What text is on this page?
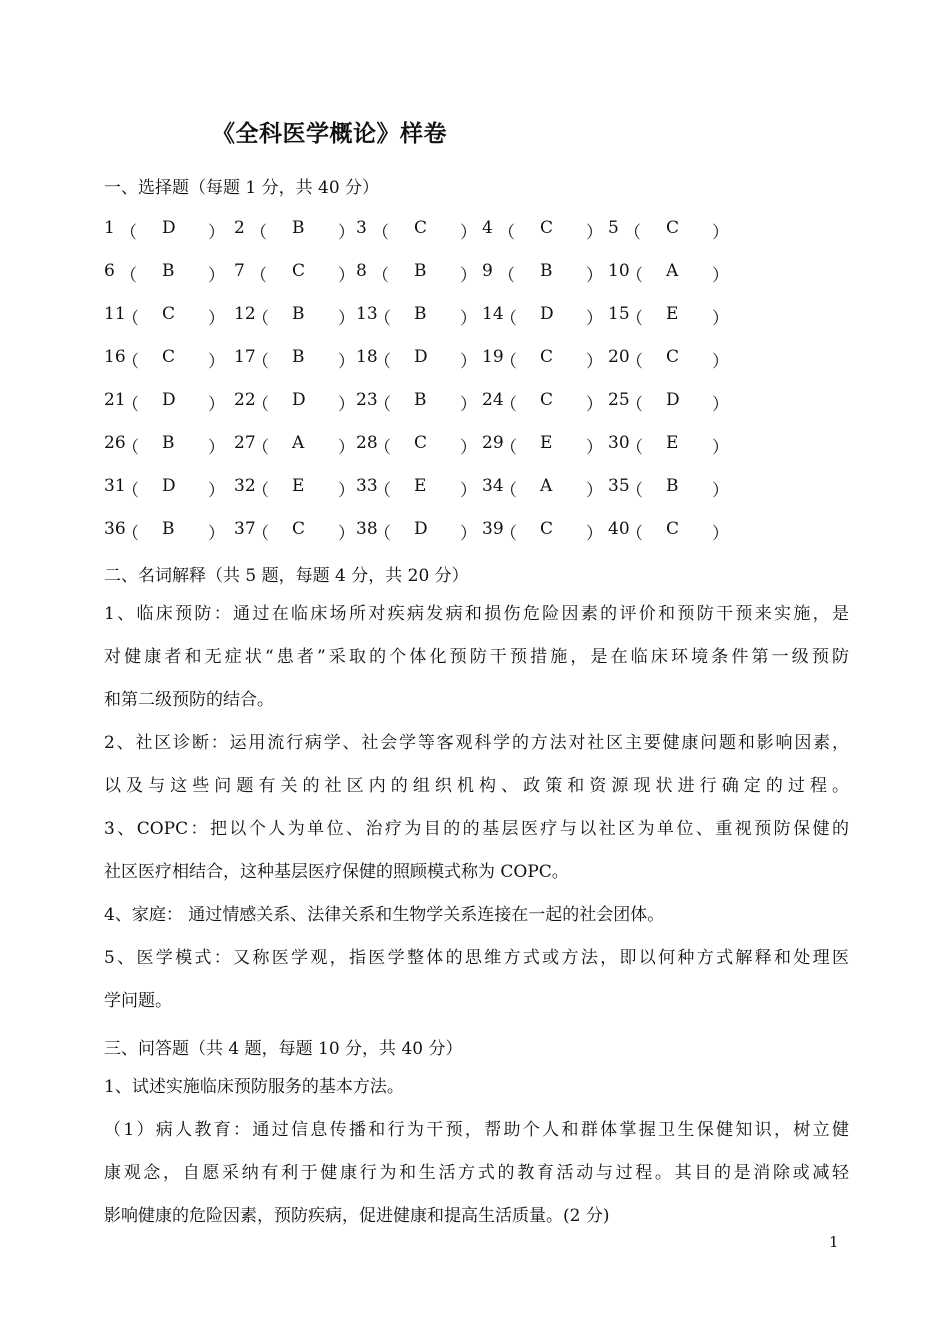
《全科医学概论》样卷
一、选择题（每题 1 分，共 40 分）
1 （ D ） 2 （ B ） 3 （ C ） 4 （ C ） 5 （ C ）
6 （ B ） 7 （ C ） 8 （ B ） 9 （ B ） 10
（ A ）
11
（ C ） 12
（ B ） 13
（ B ） 14
（ D ） 15
（ E ）
16
（ C ） 17
（ B ） 18
（ D ） 19
（ C ） 20
（ C ）
21
（ D ） 22
（ D ） 23
（ B ） 24
（ C ） 25
（ D ）
26
（ B ） 27
（ A ） 28
（ C ） 29
（ E ） 30
（ E ）
31
（ D ） 32
（ E ） 33
（ E ） 34
（ A ） 35
（ B ）
36
（ B ） 37
（ C ） 38
（ D ） 39
（ C ） 40
（ C ）
二、名词解释（共 5 题，每题 4 分，共 20 分）
1、临床预防：通过在临床场所对疾病发病和损伤危险因素的评价和预防干预来实施，是
对健康者和无症状“患者”采取的个体化预防干预措施，是在临床环境条件第一级预防
和第二级预防的结合。
2、社区诊断：运用流行病学、社会学等客观科学的方法对社区主要健康问题和影响因素，
以及与这些问题有关的社区内的组织机构、政策和资源现状进行确定的过程。
3、COPC：把以个人为单位、治疗为目的的基层医疗与以社区为单位、重视预防保健的
社区医疗相结合，这种基层医疗保健的照顾模式称为 COPC。
4、家庭： 通过情感关系、法律关系和生物学关系连接在一起的社会团体。
5、医学模式：又称医学观，指医学整体的思维方式或方法，即以何种方式解释和处理医
学问题。
三、问答题（共 4 题，每题 10 分，共 40 分）
1、试述实施临床预防服务的基本方法。
（1）病人教育：通过信息传播和行为干预，帮助个人和群体掌握卫生保健知识，树立健
康观念，自愿采纳有利于健康行为和生活方式的教育活动与过程。其目的是消除或减轻
影响健康的危险因素，预防疾病，促进健康和提高生活质量。(2 分)
1
